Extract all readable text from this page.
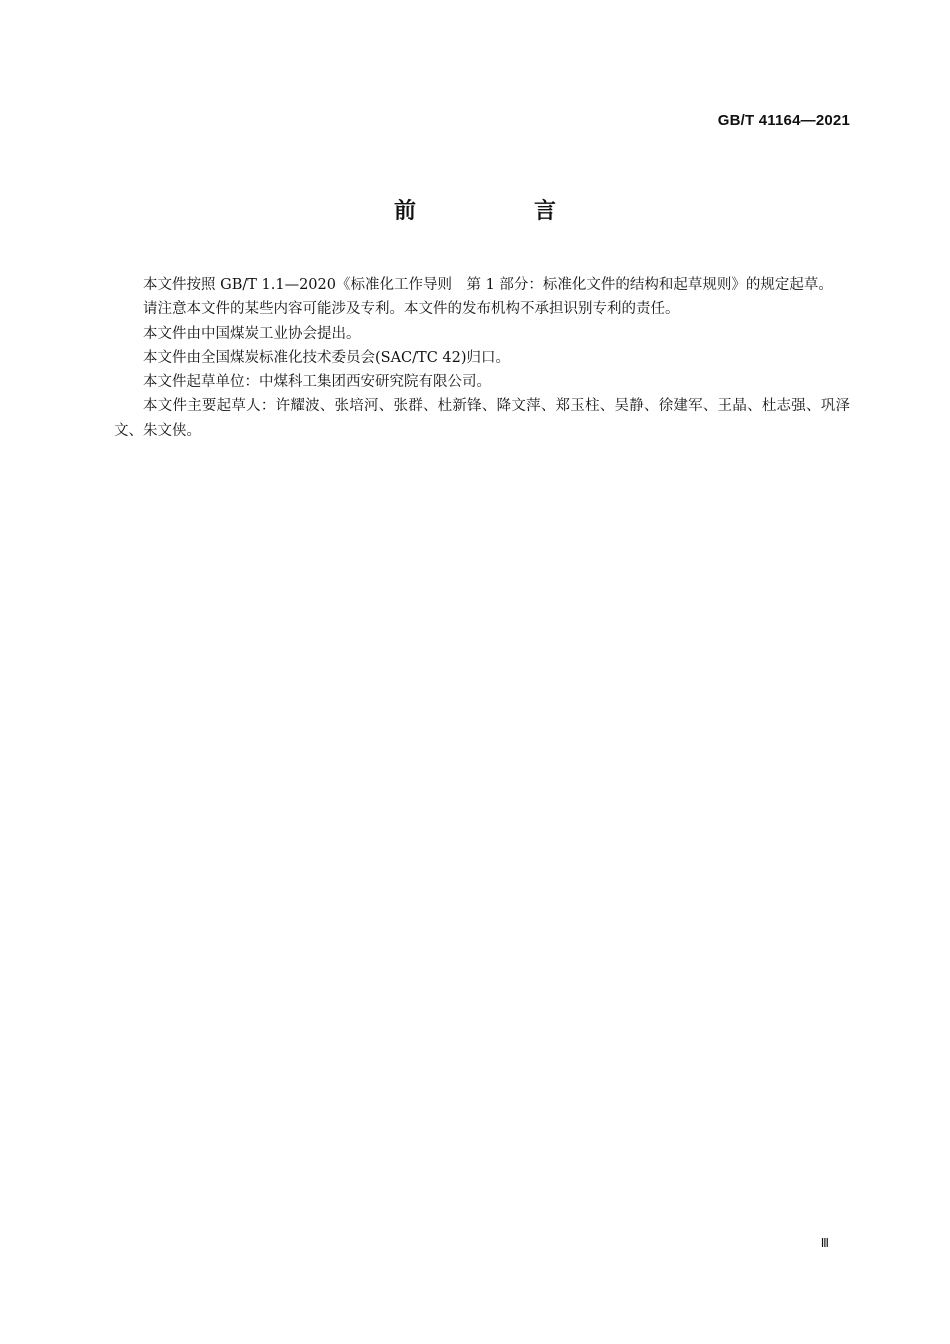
GB/T 41164—2021
前　言

本文件按照 GB/T 1.1—2020《标准化工作导则　第 1 部分：标准化文件的结构和起草规则》的规定起草。

请注意本文件的某些内容可能涉及专利。本文件的发布机构不承担识别专利的责任。

本文件由中国煤炭工业协会提出。

本文件由全国煤炭标准化技术委员会(SAC/TC 42)归口。

本文件起草单位：中煤科工集团西安研究院有限公司。

本文件主要起草人：许耀波、张培河、张群、杜新锋、降文萍、郑玉柱、吴静、徐建军、王晶、杜志强、巩泽文、朱文侠。

Ⅲ
